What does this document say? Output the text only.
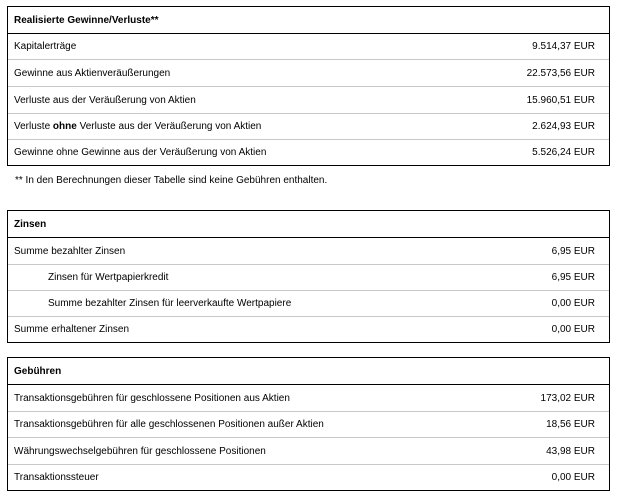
Realisierte Gewinne/Verluste**
Kapitalerträge	9.514,37 EUR
Gewinne aus Aktienveräußerungen	22.573,56 EUR
Verluste aus der Veräußerung von Aktien	15.960,51 EUR
Verluste ohne Verluste aus der Veräußerung von Aktien	2.624,93 EUR
Gewinne ohne Gewinne aus der Veräußerung von Aktien	5.526,24 EUR
** In den Berechnungen dieser Tabelle sind keine Gebühren enthalten.
Zinsen
Summe bezahlter Zinsen	6,95 EUR
Zinsen für Wertpapierkredit	6,95 EUR
Summe bezahlter Zinsen für leerverkaufte Wertpapiere	0,00 EUR
Summe erhaltener Zinsen	0,00 EUR
Gebühren
Transaktionsgebühren für geschlossene Positionen aus Aktien	173,02 EUR
Transaktionsgebühren für alle geschlossenen Positionen außer Aktien	18,56 EUR
Währungswechselgebühren für geschlossene Positionen	43,98 EUR
Transaktionssteuer	0,00 EUR
